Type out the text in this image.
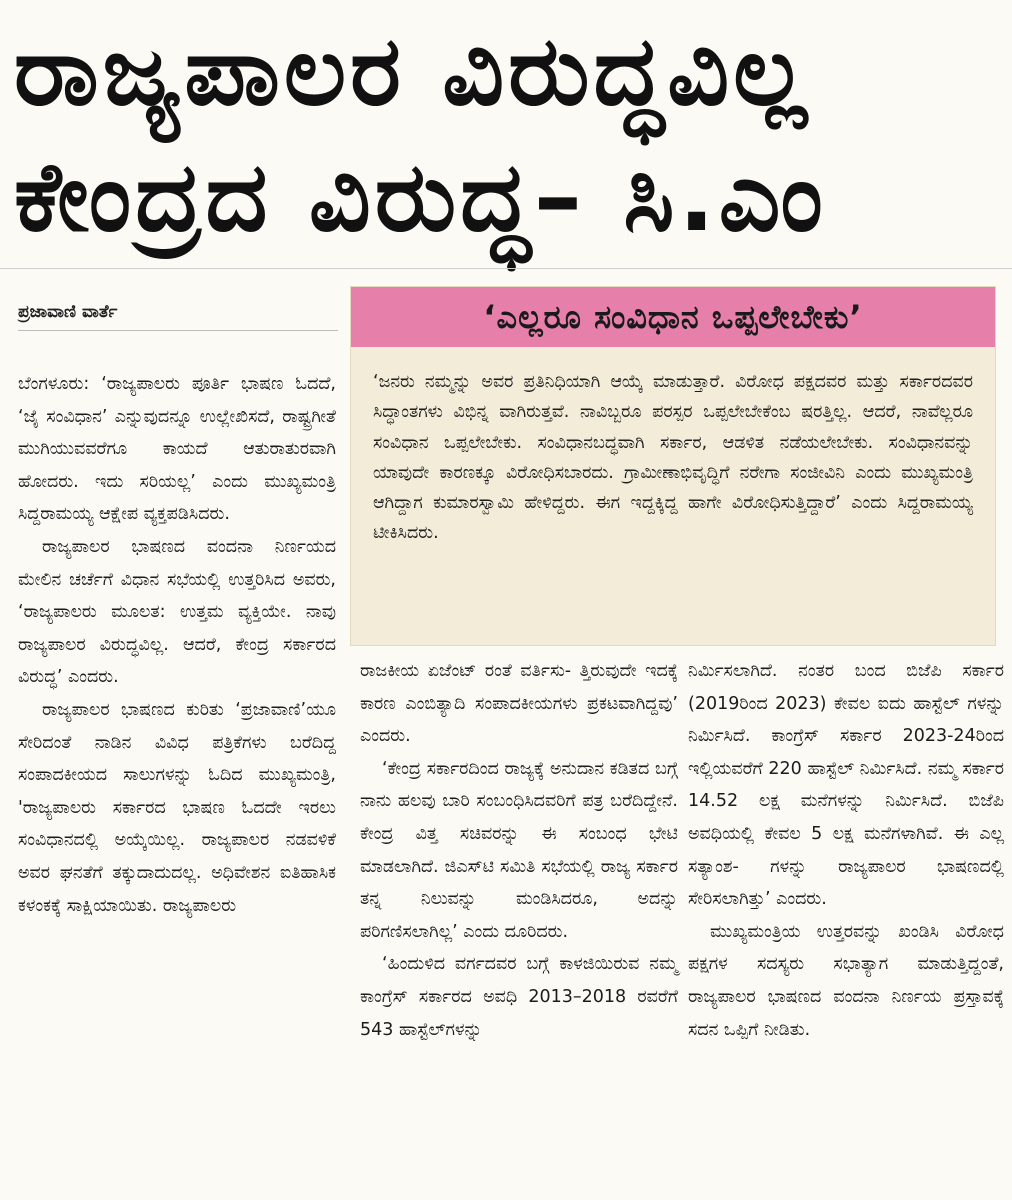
ರಾಜ್ಯಪಾಲರ ವಿರುದ್ಧವಿಲ್ಲ
ಕೇಂದ್ರದ ವಿರುದ್ಧ– ಸಿ.ಎಂ
ಪ್ರಜಾವಾಣಿ ವಾರ್ತೆ	‘ಎಲ್ಲರೂ ಸಂವಿಧಾನ ಒಪ್ಪಲೇಬೇಕು’

‘ಜನರು ನಮ್ಮನ್ನು ಅವರ ಪ್ರತಿನಿಧಿಯಾಗಿ ಆಯ್ಕೆ ಮಾಡುತ್ತಾರೆ. ವಿರೋಧ ಪಕ್ಷದವರ ಮತ್ತು ಸರ್ಕಾರದವರ ಸಿದ್ಧಾಂತಗಳು ವಿಭಿನ್ನ ವಾಗಿರುತ್ತವೆ. ನಾವಿಬ್ಬರೂ ಪರಸ್ಪರ ಒಪ್ಪಲೇಬೇಕೆಂಬ ಷರತ್ತಿಲ್ಲ. ಆದರೆ, ನಾವೆಲ್ಲರೂ ಸಂವಿಧಾನ ಒಪ್ಪಲೇಬೇಕು. ಸಂವಿಧಾನಬದ್ಧವಾಗಿ ಸರ್ಕಾರ, ಆಡಳಿತ ನಡೆಯಲೇಬೇಕು. ಸಂವಿಧಾನವನ್ನು ಯಾವುದೇ ಕಾರಣಕ್ಕೂ ವಿರೋಧಿಸಬಾರದು. ಗ್ರಾಮೀಣಾಭಿವೃದ್ಧಿಗೆ ನರೇಗಾ ಸಂಜೀವಿನಿ ಎಂದು ಮುಖ್ಯಮಂತ್ರಿ ಆಗಿದ್ದಾಗ ಕುಮಾರಸ್ವಾಮಿ ಹೇಳಿದ್ದರು. ಈಗ ಇದ್ದಕ್ಕಿದ್ದ ಹಾಗೇ ವಿರೋಧಿಸುತ್ತಿದ್ದಾರೆ’ ಎಂದು ಸಿದ್ದರಾಮಯ್ಯ ಟೀಕಿಸಿದರು.

ಬೆಂಗಳೂರು: ‘ರಾಜ್ಯಪಾಲರು ಪೂರ್ತಿ ಭಾಷಣ ಓದದೆ, ‘ಜೈ ಸಂವಿಧಾನ’ ಎನ್ನುವುದನ್ನೂ ಉಲ್ಲೇಖಿಸದೆ, ರಾಷ್ಟ್ರಗೀತೆ ಮುಗಿಯುವವರೆಗೂ ಕಾಯದೆ ಆತುರಾತುರವಾಗಿ ಹೋದರು. ಇದು ಸರಿಯಲ್ಲ’ ಎಂದು ಮುಖ್ಯಮಂತ್ರಿ ಸಿದ್ದರಾಮಯ್ಯ ಆಕ್ಷೇಪ ವ್ಯಕ್ತಪಡಿಸಿದರು.

ರಾಜ್ಯಪಾಲರ ಭಾಷಣದ ವಂದನಾ ನಿರ್ಣಯದ ಮೇಲಿನ ಚರ್ಚೆಗೆ ವಿಧಾನ ಸಭೆಯಲ್ಲಿ ಉತ್ತರಿಸಿದ ಅವರು, ‘ರಾಜ್ಯಪಾಲರು ಮೂಲತ: ಉತ್ತಮ ವ್ಯಕ್ತಿಯೇ. ನಾವು ರಾಜ್ಯಪಾಲರ ವಿರುದ್ಧವಿಲ್ಲ. ಆದರೆ, ಕೇಂದ್ರ ಸರ್ಕಾರದ ವಿರುದ್ಧ’ ಎಂದರು.

ರಾಜ್ಯಪಾಲರ ಭಾಷಣದ ಕುರಿತು ‘ಪ್ರಜಾವಾಣಿ’ಯೂ ಸೇರಿದಂತೆ ನಾಡಿನ ವಿವಿಧ ಪತ್ರಿಕೆಗಳು ಬರೆದಿದ್ದ ಸಂಪಾದಕೀಯದ ಸಾಲುಗಳನ್ನು ಓದಿದ ಮುಖ್ಯಮಂತ್ರಿ, 'ರಾಜ್ಯಪಾಲರು ಸರ್ಕಾರದ ಭಾಷಣ ಓದದೇ ಇರಲು ಸಂವಿಧಾನದಲ್ಲಿ ಅಯ್ಕೆಯಿಲ್ಲ. ರಾಜ್ಯಪಾಲರ ನಡವಳಿಕೆ ಅವರ ಘನತೆಗೆ ತಕ್ಕುದಾದುದಲ್ಲ. ಅಧಿವೇಶನ ಐತಿಹಾಸಿಕ ಕಳಂಕಕ್ಕೆ ಸಾಕ್ಷಿಯಾಯಿತು. ರಾಜ್ಯಪಾಲರು

ರಾಜಕೀಯ ಏಜೆಂಟ್ ರಂತೆ ವರ್ತಿಸು- ತ್ತಿರುವುದೇ ಇದಕ್ಕೆ ಕಾರಣ ಎಂಬಿತ್ಯಾದಿ ಸಂಪಾದಕೀಯಗಳು ಪ್ರಕಟವಾಗಿದ್ದವು’ ಎಂದರು.

‘ಕೇಂದ್ರ ಸರ್ಕಾರದಿಂದ ರಾಜ್ಯಕ್ಕೆ ಅನುದಾನ ಕಡಿತದ ಬಗ್ಗೆ ನಾನು ಹಲವು ಬಾರಿ ಸಂಬಂಧಿಸಿದವರಿಗೆ ಪತ್ರ ಬರೆದಿದ್ದೇನೆ. ಕೇಂದ್ರ ವಿತ್ತ ಸಚಿವರನ್ನು ಈ ಸಂಬಂಧ ಭೇಟಿ ಮಾಡಲಾಗಿದೆ. ಜಿಎಸ್‌ಟಿ ಸಮಿತಿ ಸಭೆಯಲ್ಲಿ ರಾಜ್ಯ ಸರ್ಕಾರ ತನ್ನ ನಿಲುವನ್ನು ಮಂಡಿಸಿದರೂ, ಅದನ್ನು ಪರಿಗಣಿಸಲಾಗಿಲ್ಲ’ ಎಂದು ದೂರಿದರು.

‘ಹಿಂದುಳಿದ ವರ್ಗದವರ ಬಗ್ಗೆ ಕಾಳಜಿಯಿರುವ ನಮ್ಮ ಕಾಂಗ್ರೆಸ್ ಸರ್ಕಾರದ ಅವಧಿ 2013–2018 ರವರೆಗೆ 543 ಹಾಸ್ಟೆಲ್‌ಗಳನ್ನು

ನಿರ್ಮಿಸಲಾಗಿದೆ. ನಂತರ ಬಂದ ಬಿಜೆಪಿ ಸರ್ಕಾರ (2019ರಿಂದ 2023) ಕೇವಲ ಐದು ಹಾಸ್ಟೆಲ್ ಗಳನ್ನು ನಿರ್ಮಿಸಿದೆ. ಕಾಂಗ್ರೆಸ್ ಸರ್ಕಾರ 2023-24ರಿಂದ ಇಲ್ಲಿಯವರೆಗೆ 220 ಹಾಸ್ಟೆಲ್ ನಿರ್ಮಿಸಿದೆ. ನಮ್ಮ ಸರ್ಕಾರ 14.52 ಲಕ್ಷ ಮನೆಗಳನ್ನು ನಿರ್ಮಿಸಿದೆ. ಬಿಜೆಪಿ ಅವಧಿಯಲ್ಲಿ ಕೇವಲ 5 ಲಕ್ಷ ಮನೆಗಳಾಗಿವೆ. ಈ ಎಲ್ಲ ಸತ್ಯಾಂಶ- ಗಳನ್ನು ರಾಜ್ಯಪಾಲರ ಭಾಷಣದಲ್ಲಿ ಸೇರಿಸಲಾಗಿತ್ತು’ ಎಂದರು.

ಮುಖ್ಯಮಂತ್ರಿಯ ಉತ್ತರವನ್ನು ಖಂಡಿಸಿ ವಿರೋಧ ಪಕ್ಷಗಳ ಸದಸ್ಯರು ಸಭಾತ್ಯಾಗ ಮಾಡುತ್ತಿದ್ದಂತೆ, ರಾಜ್ಯಪಾಲರ ಭಾಷಣದ ವಂದನಾ ನಿರ್ಣಯ ಪ್ರಸ್ತಾವಕ್ಕೆ ಸದನ ಒಪ್ಪಿಗೆ ನೀಡಿತು.
